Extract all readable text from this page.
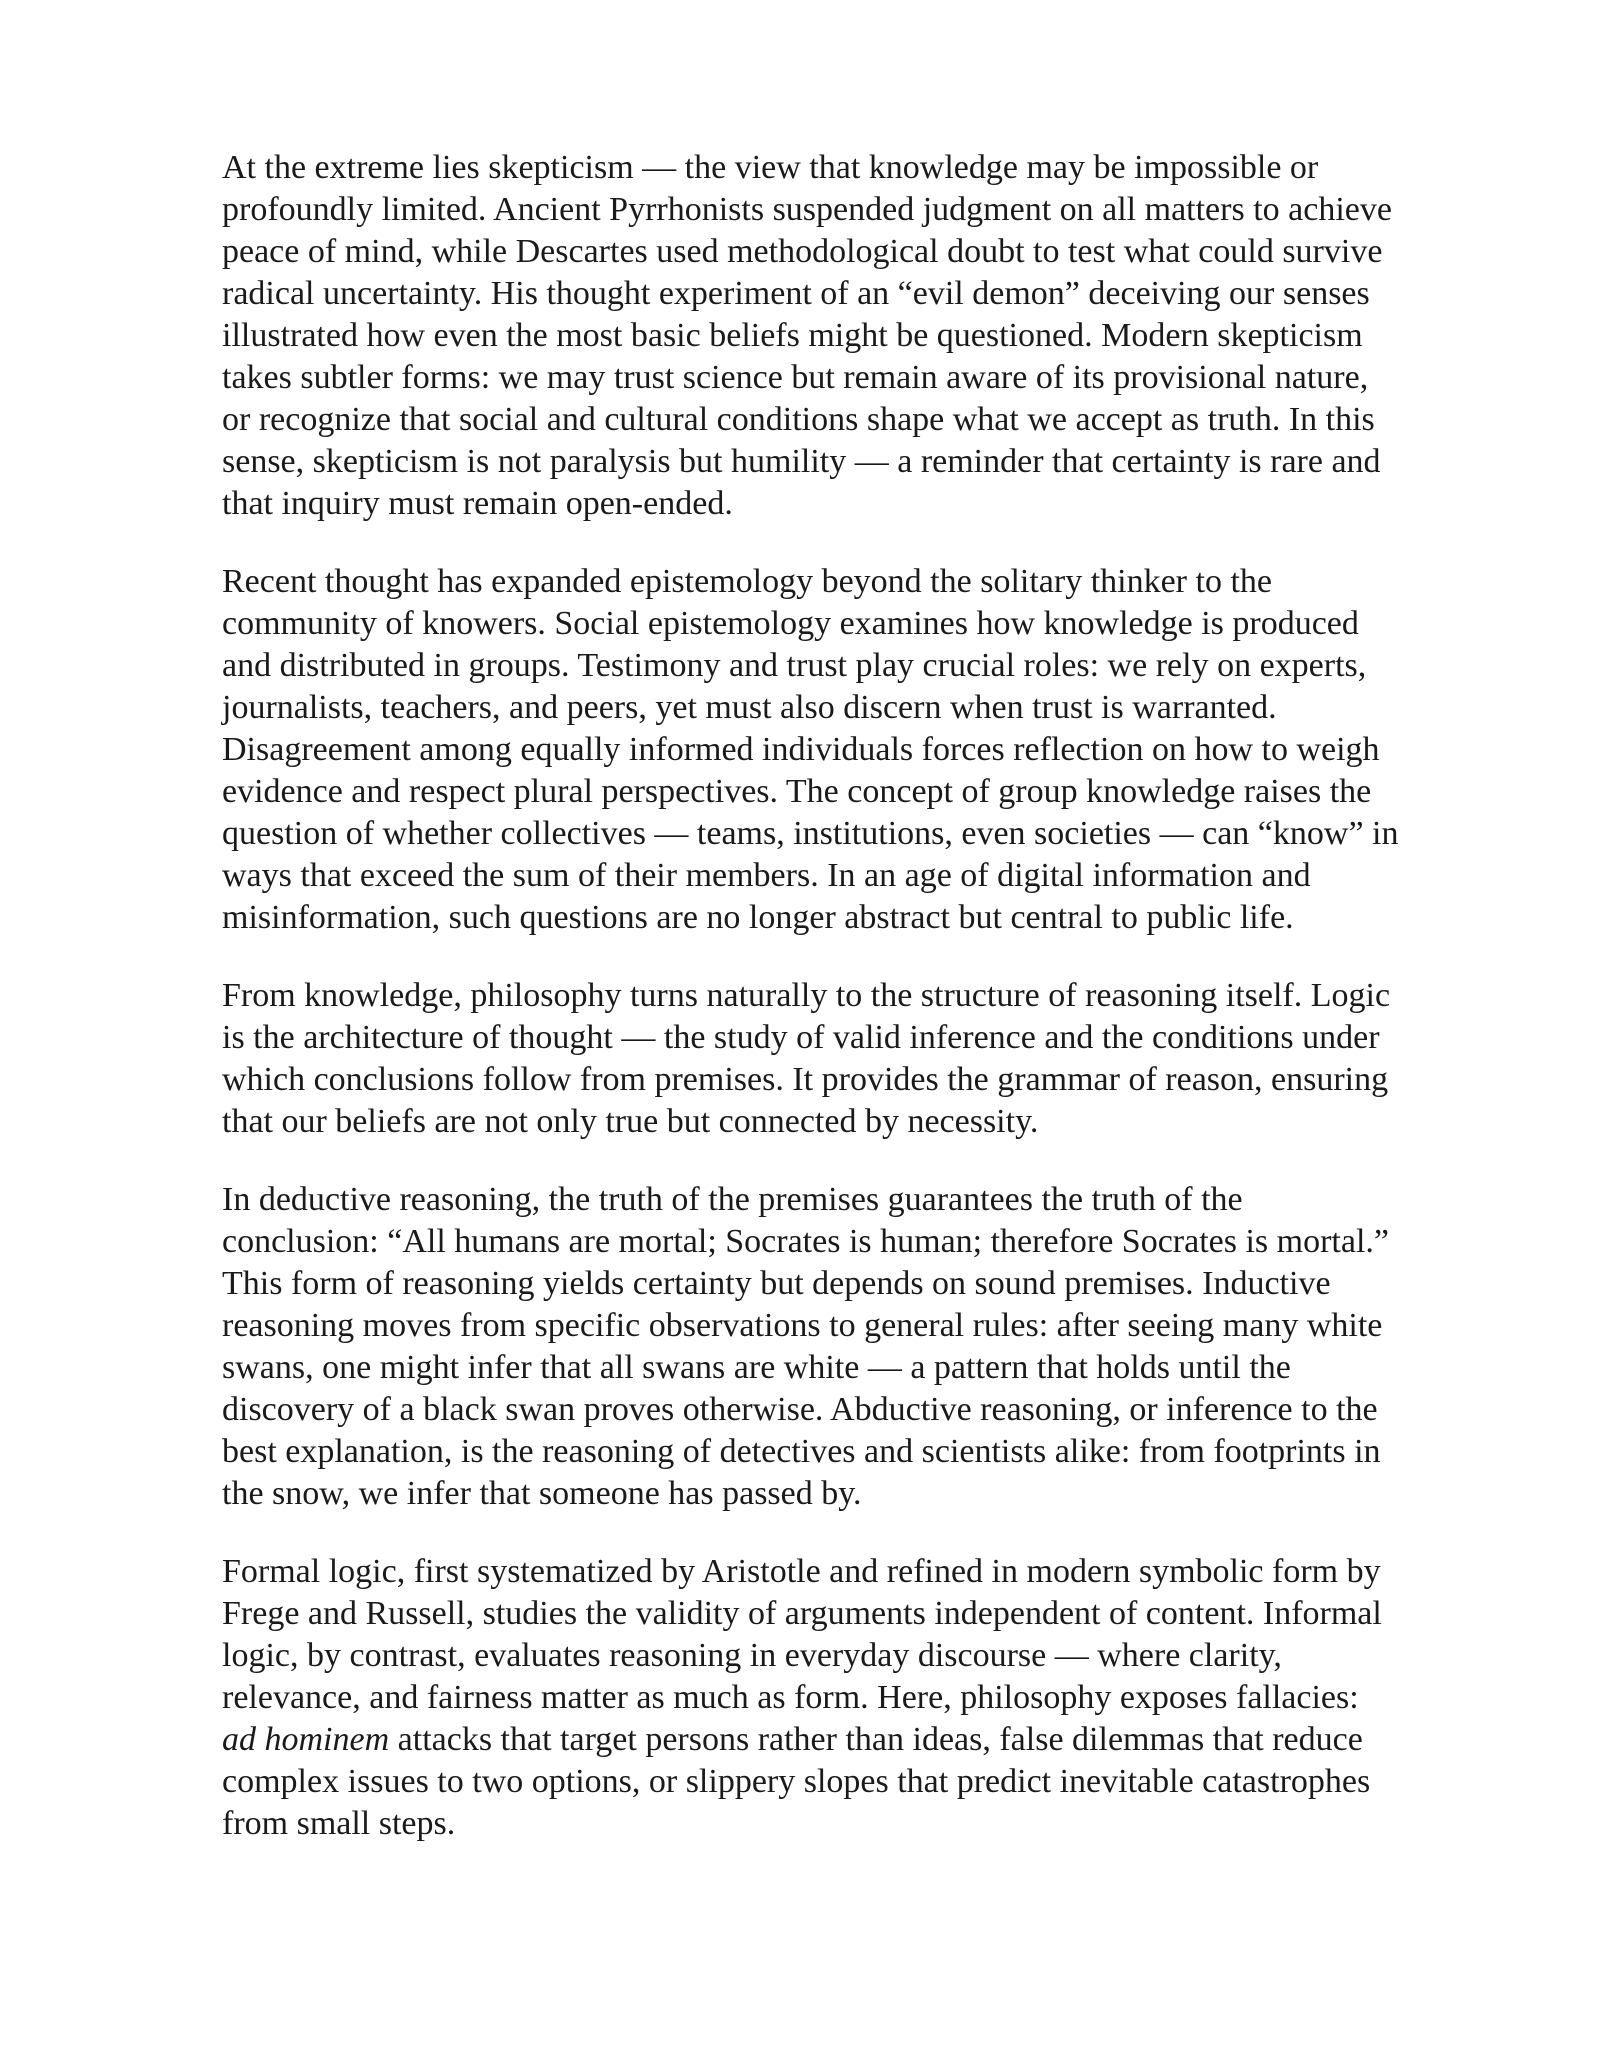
At the extreme lies skepticism — the view that knowledge may be impossible or
profoundly limited. Ancient Pyrrhonists suspended judgment on all matters to achieve
peace of mind, while Descartes used methodological doubt to test what could survive
radical uncertainty. His thought experiment of an “evil demon” deceiving our senses
illustrated how even the most basic beliefs might be questioned. Modern skepticism
takes subtler forms: we may trust science but remain aware of its provisional nature,
or recognize that social and cultural conditions shape what we accept as truth. In this
sense, skepticism is not paralysis but humility — a reminder that certainty is rare and
that inquiry must remain open-ended.

Recent thought has expanded epistemology beyond the solitary thinker to the
community of knowers. Social epistemology examines how knowledge is produced
and distributed in groups. Testimony and trust play crucial roles: we rely on experts,
journalists, teachers, and peers, yet must also discern when trust is warranted.
Disagreement among equally informed individuals forces reflection on how to weigh
evidence and respect plural perspectives. The concept of group knowledge raises the
question of whether collectives — teams, institutions, even societies — can “know” in
ways that exceed the sum of their members. In an age of digital information and
misinformation, such questions are no longer abstract but central to public life.

From knowledge, philosophy turns naturally to the structure of reasoning itself. Logic
is the architecture of thought — the study of valid inference and the conditions under
which conclusions follow from premises. It provides the grammar of reason, ensuring
that our beliefs are not only true but connected by necessity.

In deductive reasoning, the truth of the premises guarantees the truth of the
conclusion: “All humans are mortal; Socrates is human; therefore Socrates is mortal.”
This form of reasoning yields certainty but depends on sound premises. Inductive
reasoning moves from specific observations to general rules: after seeing many white
swans, one might infer that all swans are white — a pattern that holds until the
discovery of a black swan proves otherwise. Abductive reasoning, or inference to the
best explanation, is the reasoning of detectives and scientists alike: from footprints in
the snow, we infer that someone has passed by.

Formal logic, first systematized by Aristotle and refined in modern symbolic form by
Frege and Russell, studies the validity of arguments independent of content. Informal
logic, by contrast, evaluates reasoning in everyday discourse — where clarity,
relevance, and fairness matter as much as form. Here, philosophy exposes fallacies:
ad hominem attacks that target persons rather than ideas, false dilemmas that reduce
complex issues to two options, or slippery slopes that predict inevitable catastrophes
from small steps.
